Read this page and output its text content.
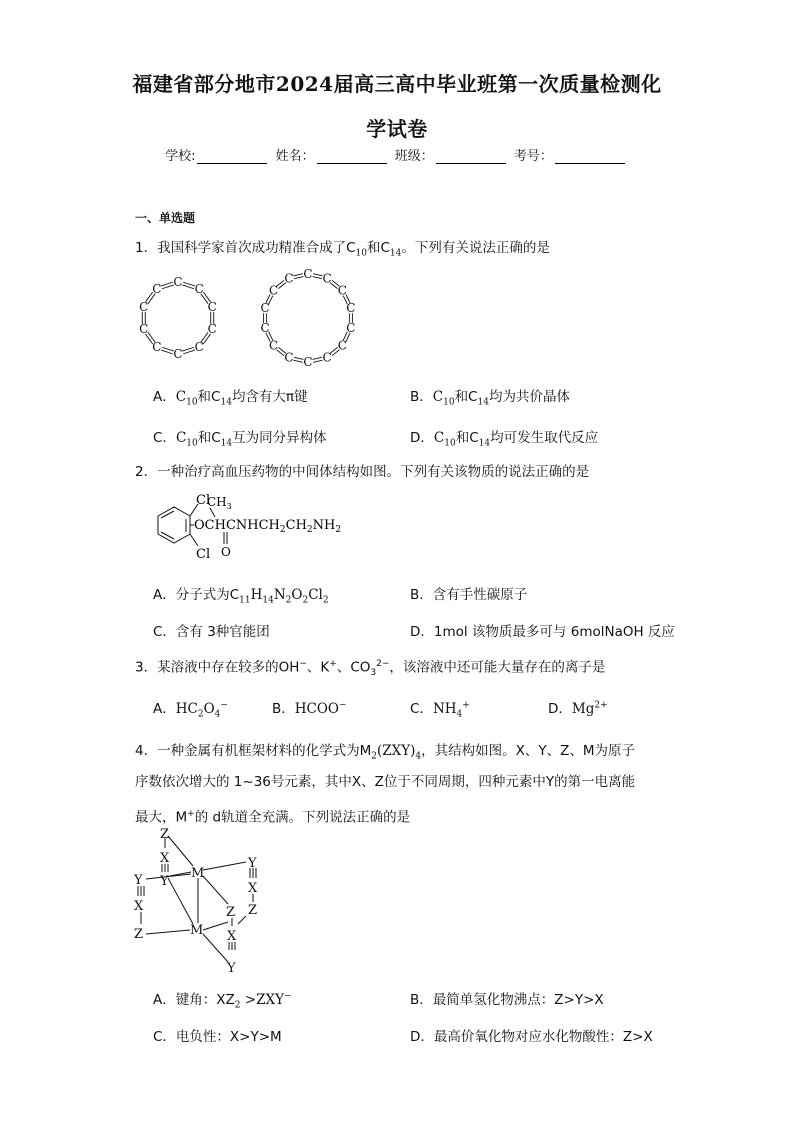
福建省部分地市2024届高三高中毕业班第一次质量检测化
学试卷
学校:	姓名：	班级：	考号：
一、单选题
1．我国科学家首次成功精准合成了$C_{10}$和$C_{14}$。下列有关说法正确的是
C C
C
C
C
C
C
C
C
C
C C
C
C
C
C
C
C
C
C
C
C
C
C
A．$C_{10}$和$C_{14}$均含有大π键	B．$C_{10}$和$C_{14}$均为共价晶体
C．$C_{10}$和$C_{14}$互为同分异构体	D．$C_{10}$和$C_{14}$均可发生取代反应
2．一种治疗高血压药物的中间体结构如图。下列有关该物质的说法正确的是
Cl
Cl
$OCHCNHCH_2CH_2NH_2$
$CH_3$
O
A．分子式为$C_{11}H_{14}N_2O_2Cl_2$	B．含有手性碳原子
C．含有 3种官能团	D．1mol 该物质最多可与 6molNaOH 反应
3．某溶液中存在较多的OH−、K+、$CO_3^{2-}$，该溶液中还可能大量存在的离子是
A．$HC_2O_4^-$	B．HCOO−	C．$NH_4^+$	D．$Mg^{2+}$
4．一种金属有机框架材料的化学式为$M_2(ZXY)_4$，其结构如图。X、Y、Z、M为原子
序数依次增大的 1~36号元素，其中X、Z位于不同周期，四种元素中Y的第一电离能
最大，M+的 d轨道全充满。下列说法正确的是
Z
X
Y
M
Y
X
Z
Y
X
Z
Z
M X
Y
A．键角：$XZ_2 >ZXY^-$	B．最简单氢化物沸点：Z>Y>X
C．电负性：X>Y>M	D．最高价氧化物对应水化物酸性：Z>X
